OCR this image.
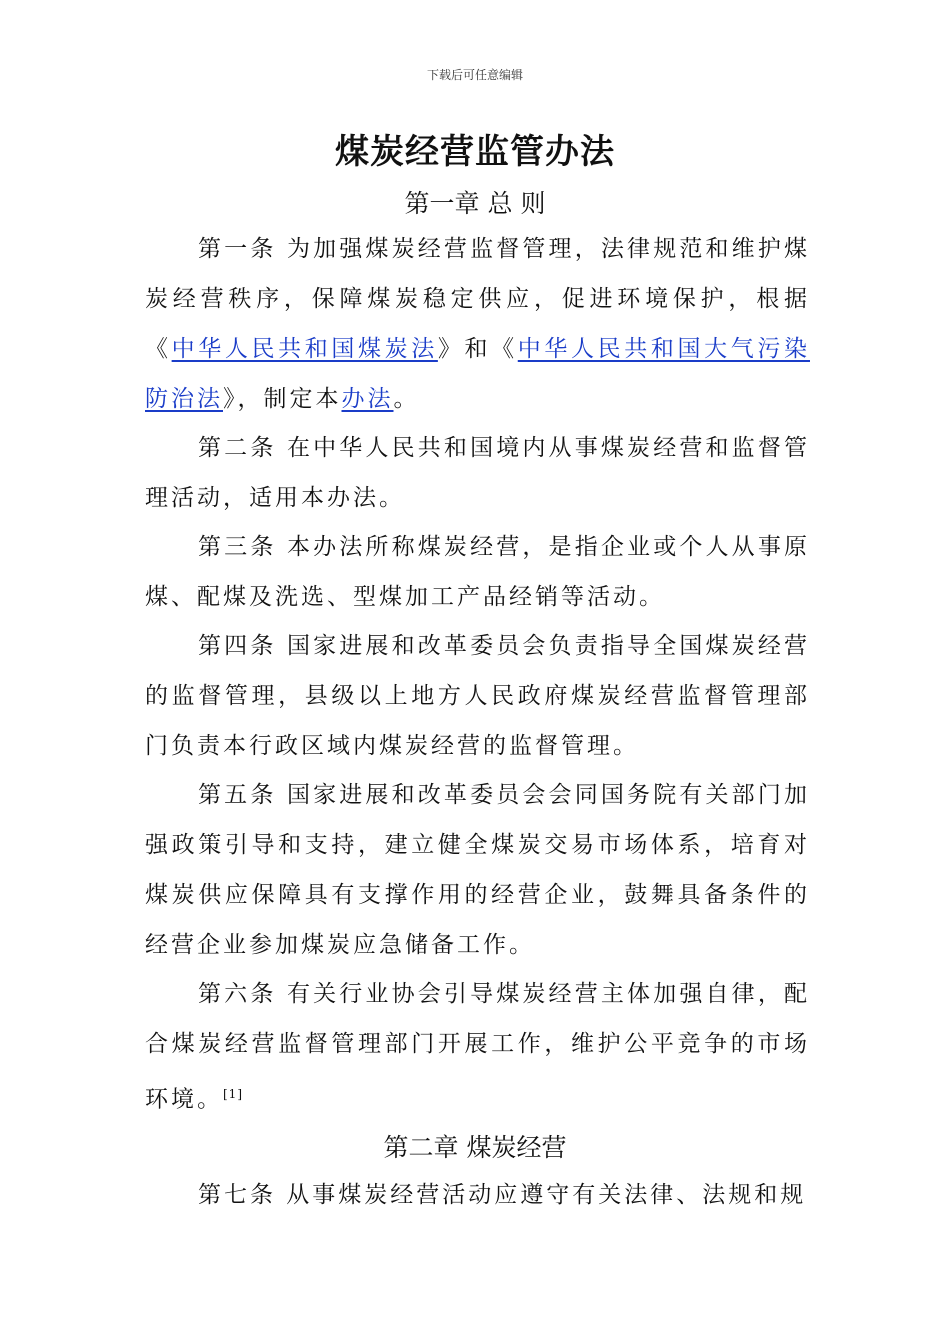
下载后可任意编辑
煤炭经营监管办法
第一章 总 则

第一条 为加强煤炭经营监督管理，法律规范和维护煤炭经营秩序，保障煤炭稳定供应，促进环境保护，根据《中华人民共和国煤炭法》和《中华人民共和国大气污染防治法》，制定本办法。

第二条 在中华人民共和国境内从事煤炭经营和监督管理活动，适用本办法。

第三条 本办法所称煤炭经营，是指企业或个人从事原煤、配煤及洗选、型煤加工产品经销等活动。

第四条 国家进展和改革委员会负责指导全国煤炭经营的监督管理，县级以上地方人民政府煤炭经营监督管理部门负责本行政区域内煤炭经营的监督管理。

第五条 国家进展和改革委员会会同国务院有关部门加强政策引导和支持，建立健全煤炭交易市场体系，培育对煤炭供应保障具有支撑作用的经营企业，鼓舞具备条件的经营企业参加煤炭应急储备工作。

第六条 有关行业协会引导煤炭经营主体加强自律，配合煤炭经营监督管理部门开展工作，维护公平竞争的市场环境。[1]

第二章 煤炭经营

第七条 从事煤炭经营活动应遵守有关法律、法规和规
